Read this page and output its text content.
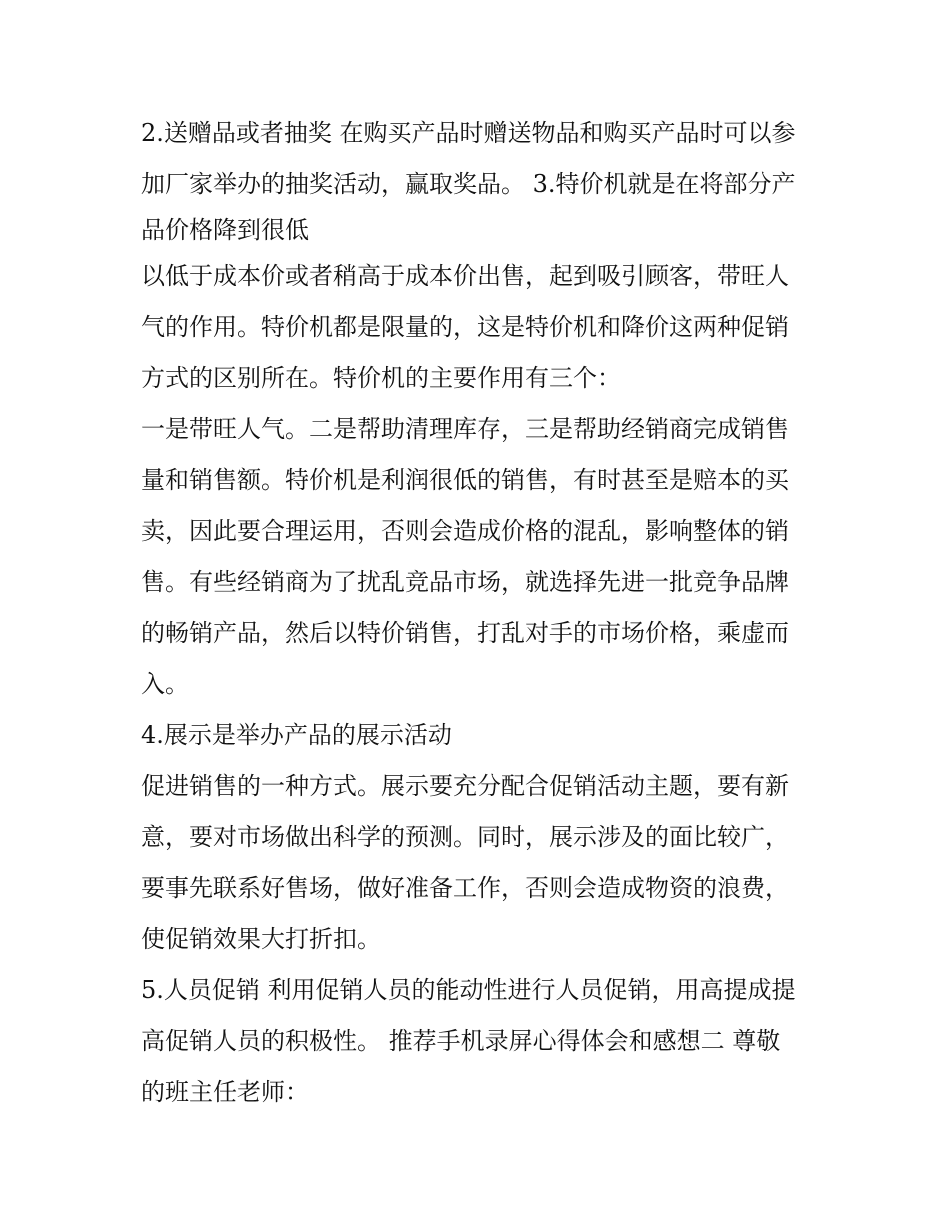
2.送赠品或者抽奖 在购买产品时赠送物品和购买产品时可以参
加厂家举办的抽奖活动，赢取奖品。 3.特价机就是在将部分产
品价格降到很低
以低于成本价或者稍高于成本价出售，起到吸引顾客，带旺人
气的作用。特价机都是限量的，这是特价机和降价这两种促销
方式的区别所在。特价机的主要作用有三个：
一是带旺人气。二是帮助清理库存，三是帮助经销商完成销售
量和销售额。特价机是利润很低的销售，有时甚至是赔本的买
卖，因此要合理运用，否则会造成价格的混乱，影响整体的销
售。有些经销商为了扰乱竞品市场，就选择先进一批竞争品牌
的畅销产品，然后以特价销售，打乱对手的市场价格，乘虚而
入。
4.展示是举办产品的展示活动
促进销售的一种方式。展示要充分配合促销活动主题，要有新
意，要对市场做出科学的预测。同时，展示涉及的面比较广，
要事先联系好售场，做好准备工作，否则会造成物资的浪费，
使促销效果大打折扣。
5.人员促销 利用促销人员的能动性进行人员促销，用高提成提
高促销人员的积极性。 推荐手机录屏心得体会和感想二 尊敬
的班主任老师：
